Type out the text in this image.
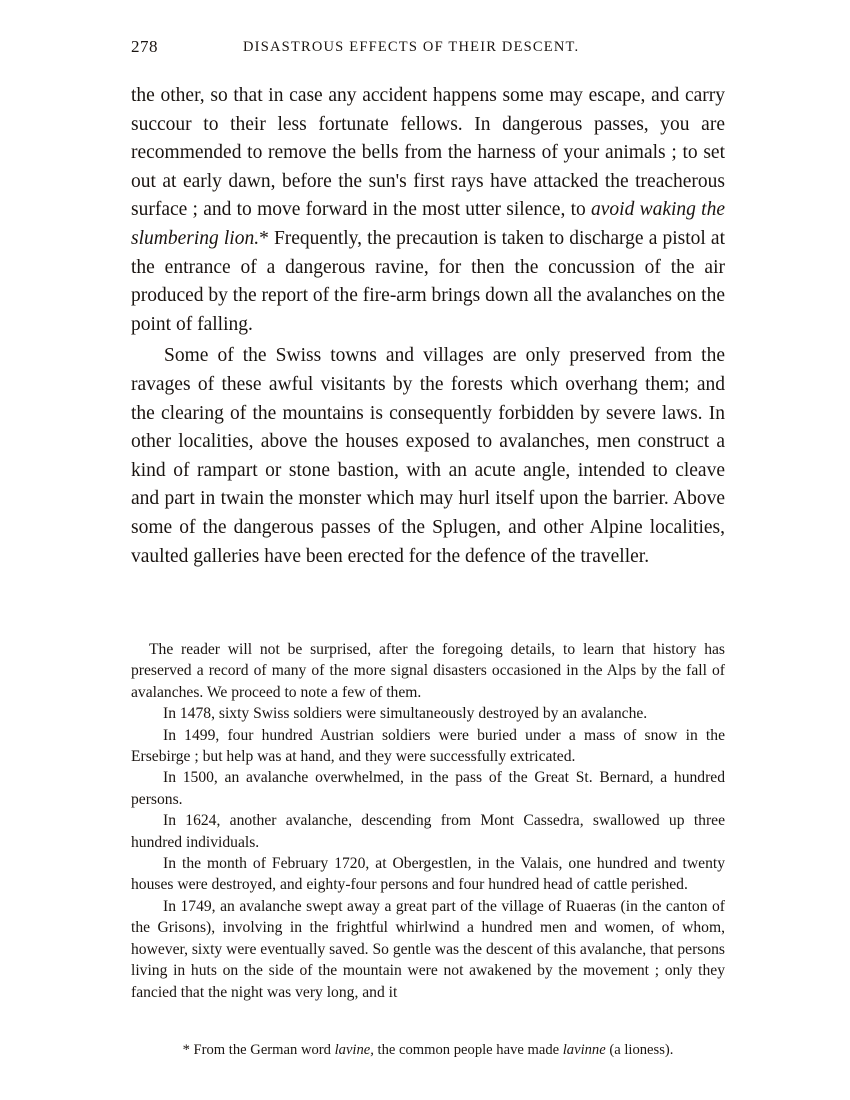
278	DISASTROUS EFFECTS OF THEIR DESCENT.

the other, so that in case any accident happens some may escape, and carry succour to their less fortunate fellows. In dangerous passes, you are recommended to remove the bells from the harness of your animals ; to set out at early dawn, before the sun's first rays have attacked the treacherous surface ; and to move forward in the most utter silence, to avoid waking the slumbering lion.* Frequently, the precaution is taken to discharge a pistol at the entrance of a dangerous ravine, for then the concussion of the air produced by the report of the fire-arm brings down all the avalanches on the point of falling.

Some of the Swiss towns and villages are only preserved from the ravages of these awful visitants by the forests which overhang them; and the clearing of the mountains is consequently forbidden by severe laws. In other localities, above the houses exposed to avalanches, men construct a kind of rampart or stone bastion, with an acute angle, intended to cleave and part in twain the monster which may hurl itself upon the barrier. Above some of the dangerous passes of the Splugen, and other Alpine localities, vaulted galleries have been erected for the defence of the traveller.

The reader will not be surprised, after the foregoing details, to learn that history has preserved a record of many of the more signal disasters occasioned in the Alps by the fall of avalanches. We proceed to note a few of them.

In 1478, sixty Swiss soldiers were simultaneously destroyed by an avalanche.

In 1499, four hundred Austrian soldiers were buried under a mass of snow in the Ersebirge ; but help was at hand, and they were successfully extricated.

In 1500, an avalanche overwhelmed, in the pass of the Great St. Bernard, a hundred persons.

In 1624, another avalanche, descending from Mont Cassedra, swallowed up three hundred individuals.

In the month of February 1720, at Obergestlen, in the Valais, one hundred and twenty houses were destroyed, and eighty-four persons and four hundred head of cattle perished.

In 1749, an avalanche swept away a great part of the village of Ruaeras (in the canton of the Grisons), involving in the frightful whirlwind a hundred men and women, of whom, however, sixty were eventually saved. So gentle was the descent of this avalanche, that persons living in huts on the side of the mountain were not awakened by the movement ; only they fancied that the night was very long, and it

* From the German word lavine, the common people have made lavinne (a lioness).
